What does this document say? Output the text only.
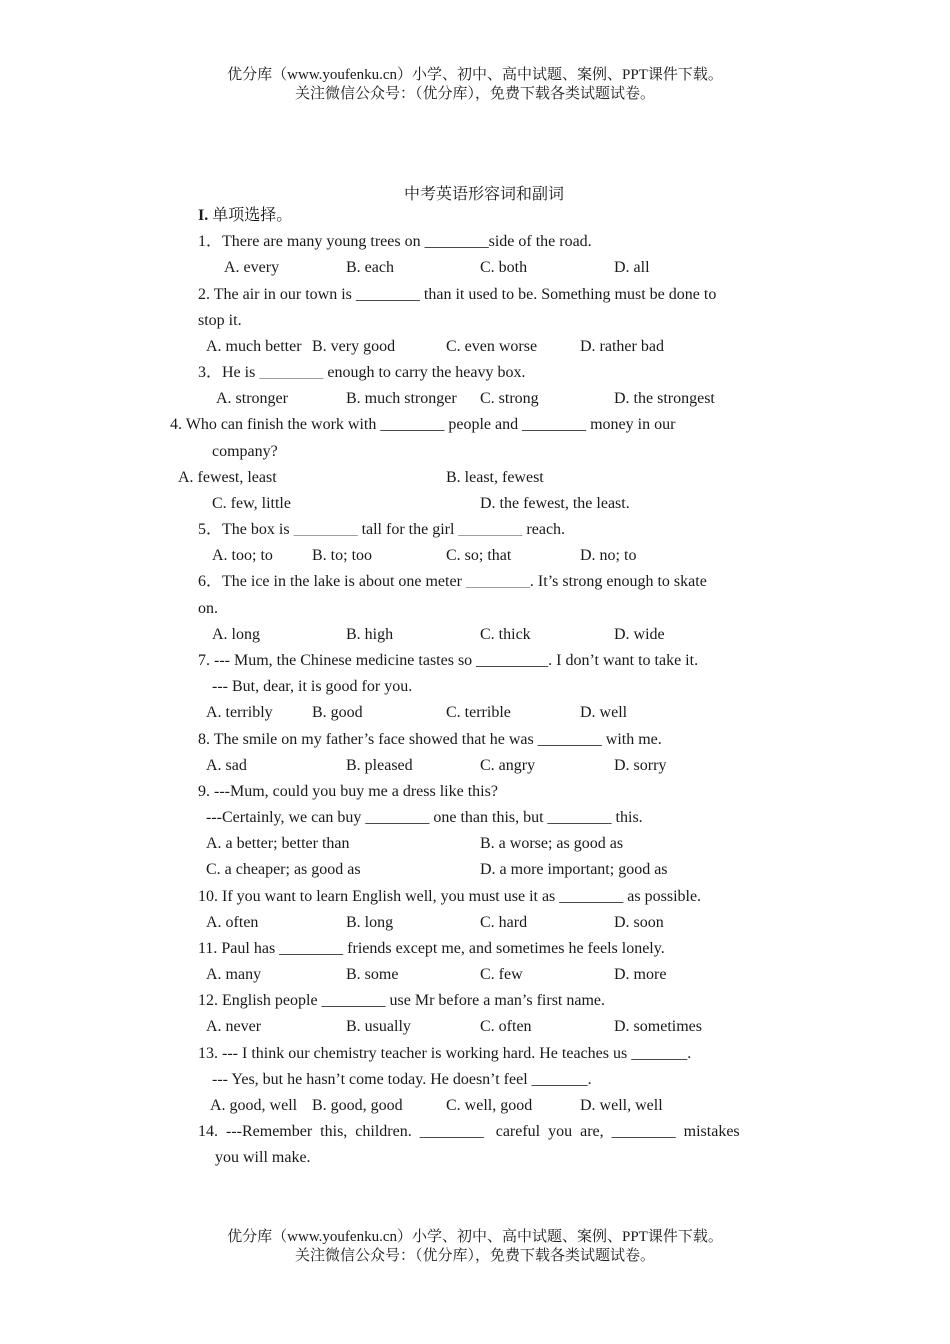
优分库（www.youfenku.cn）小学、初中、高中试题、案例、PPT课件下载。
关注微信公众号：（优分库），免费下载各类试题试卷。
中考英语形容词和副词
I. 单项选择。
1．There are many young trees on ________side of the road.
A. every	B. each	C. both	D. all
2. The air in our town is ________ than it used to be. Something must be done to
stop it.
A. much better B. very good	C. even worse	D. rather bad
3．He is ________ enough to carry the heavy box.
A. stronger	B. much stronger C. strong	D. the strongest
4. Who can finish the work with ________ people and ________ money in our
company?
A. fewest, least	B. least, fewest
C. few, little	D. the fewest, the least.
5．The box is ________ tall for the girl ________ reach.
A. too; to B. to; too	C. so; that	D. no; to
6．The ice in the lake is about one meter ________. It’s strong enough to skate
on.
A. long	B. high	C. thick	D. wide
7. --- Mum, the Chinese medicine tastes so _________. I don’t want to take it.
--- But, dear, it is good for you.
A. terribly B. good	C. terrible	D. well
8. The smile on my father’s face showed that he was ________ with me.
A. sad	B. pleased	C. angry	D. sorry
9. ---Mum, could you buy me a dress like this?
---Certainly, we can buy ________ one than this, but ________ this.
A. a better; better than	B. a worse; as good as
C. a cheaper; as good as	D. a more important; good as
10. If you want to learn English well, you must use it as ________ as possible.
A. often	B. long	C. hard	D. soon
11. Paul has ________ friends except me, and sometimes he feels lonely.
A. many	B. some	C. few	D. more
12. English people ________ use Mr before a man’s first name.
A. never	B. usually	C. often	D. sometimes
13. --- I think our chemistry teacher is working hard. He teaches us _______.
--- Yes, but he hasn’t come today. He doesn’t feel _______.
A. good, well B. good, good	C. well, good	D. well, well
14.  ---Remember  this,  children.  ________   careful  you  are,  ________  mistakes
you will make.
优分库（www.youfenku.cn）小学、初中、高中试题、案例、PPT课件下载。
关注微信公众号：（优分库），免费下载各类试题试卷。
